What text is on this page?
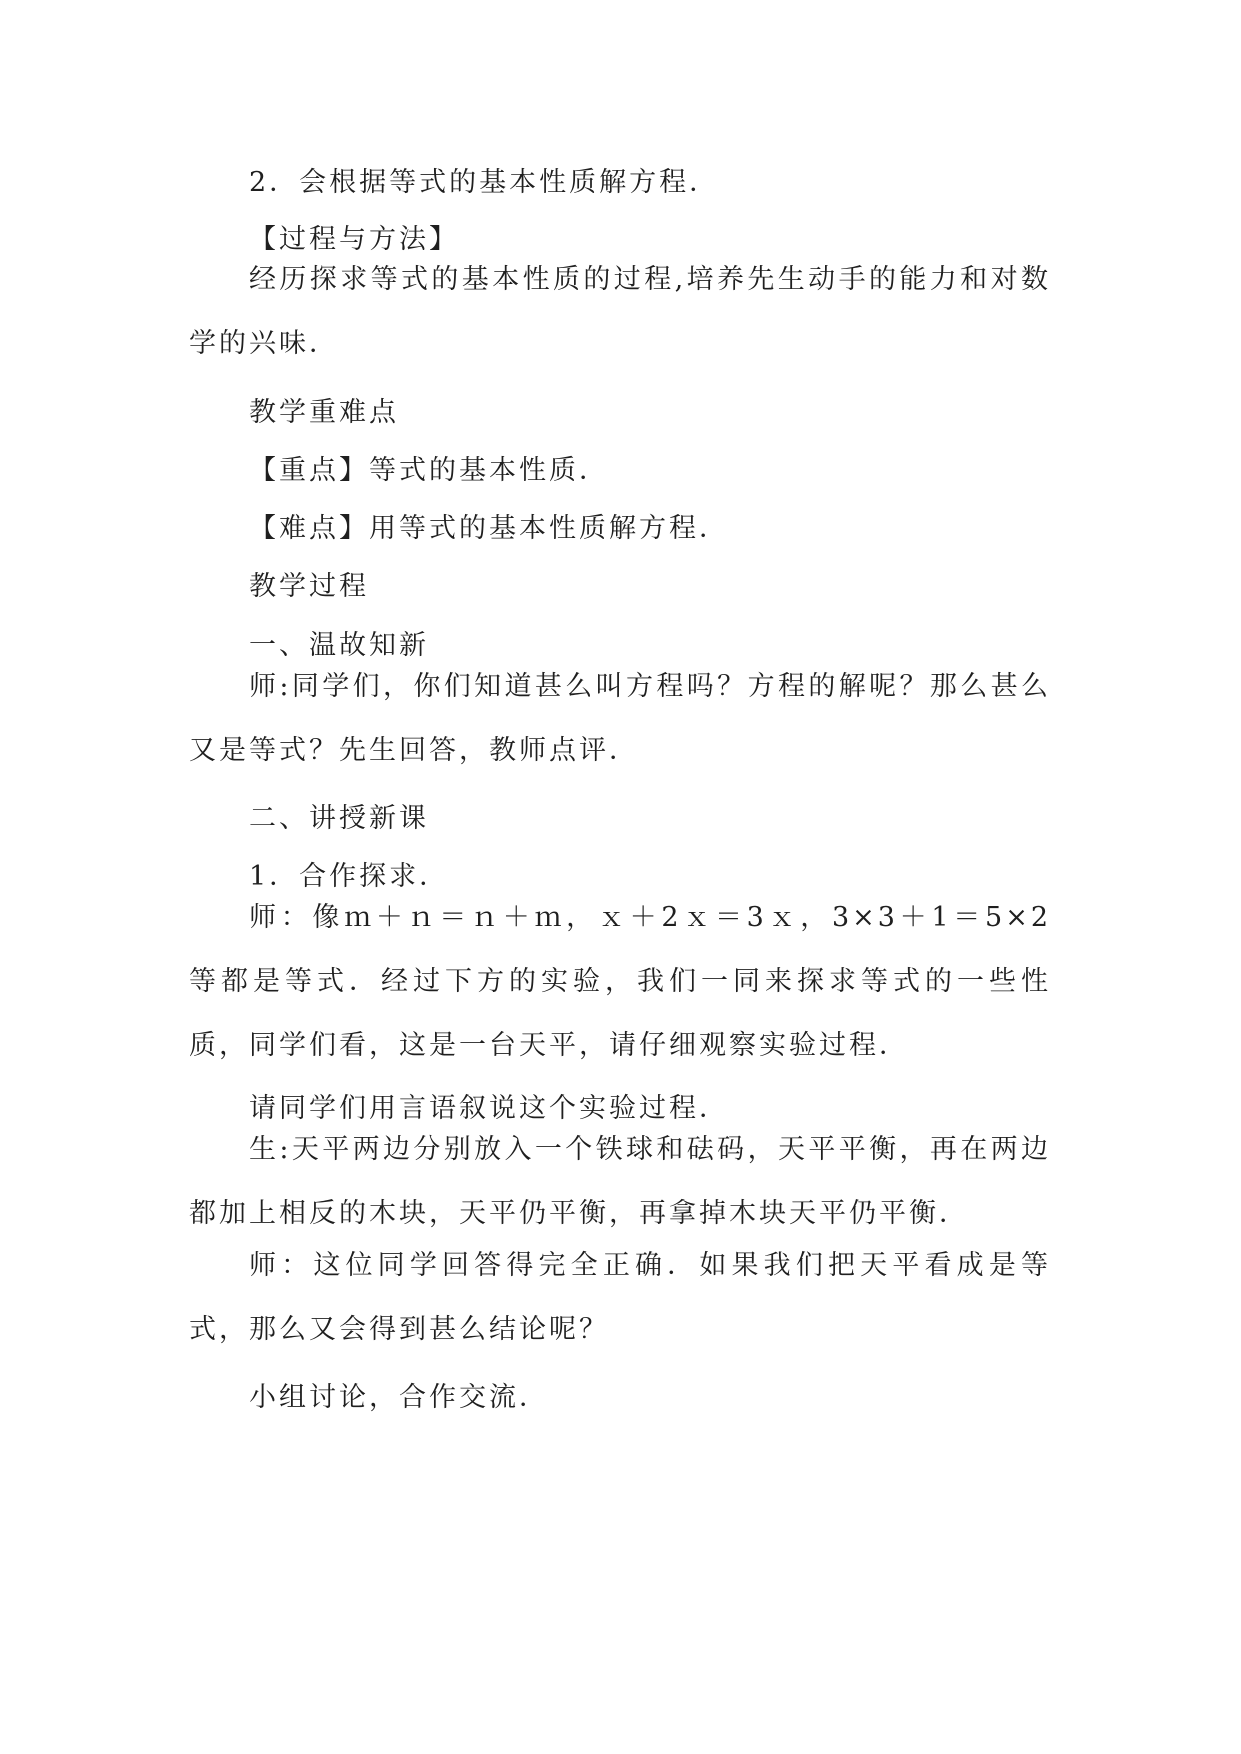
2．会根据等式的基本性质解方程．
【过程与方法】
经历探求等式的基本性质的过程,培养先生动手的能力和对数学的兴味．
教学重难点
【重点】等式的基本性质．
【难点】用等式的基本性质解方程．
教学过程
一、温故知新
师:同学们，你们知道甚么叫方程吗？方程的解呢？那么甚么又是等式？先生回答，教师点评．
二、讲授新课
1．合作探求．
师：像ｍ＋ｎ＝ｎ＋ｍ，ｘ＋2ｘ＝3ｘ，3×3＋1＝5×2 等都是等式．经过下方的实验，我们一同来探求等式的一些性质，同学们看，这是一台天平，请仔细观察实验过程．
请同学们用言语叙说这个实验过程．
生:天平两边分别放入一个铁球和砝码，天平平衡，再在两边都加上相反的木块，天平仍平衡，再拿掉木块天平仍平衡．
师：这位同学回答得完全正确．如果我们把天平看成是等式，那么又会得到甚么结论呢？
小组讨论，合作交流．
